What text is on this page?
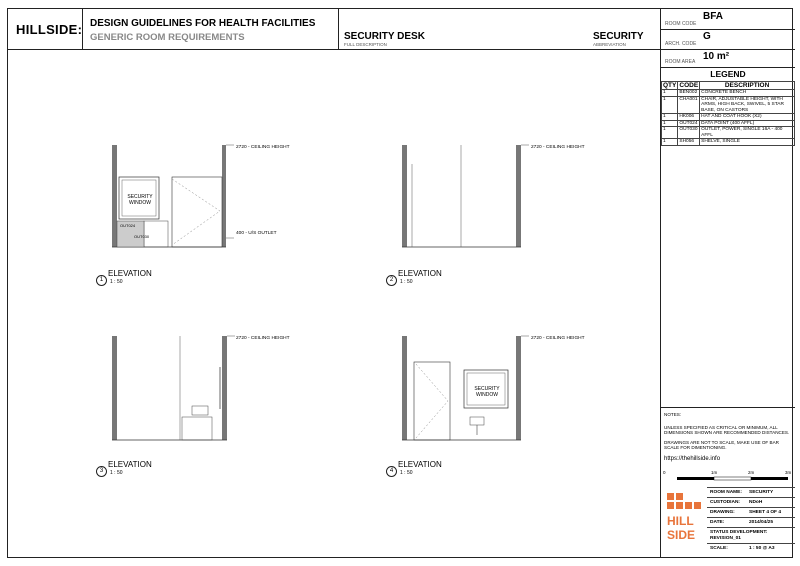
HILLSIDE: DESIGN GUIDELINES FOR HEALTH FACILITIES
GENERIC ROOM REQUIREMENTS	SECURITY DESK
FULL DESCRIPTION
SECURITY
ABBREVIATION
2720 - CEILING HEIGHT
400 - U/S OUTLET
SECURITY WINDOW
OUT024
OUT030
1
ELEVATION
1 : 50
2720 - CEILING HEIGHT
2
ELEVATION
1 : 50
2720 - CEILING HEIGHT
3
ELEVATION
1 : 50
2720 - CEILING HEIGHT
SECURITY WINDOW
4
ELEVATION
1 : 50
ROOM CODE
BFA
ARCH. CODE
G
ROOM AREA 10 m²
LEGEND
QTY	CODE	DESCRIPTION
1	BEN002	CONCRETE BENCH
1	CHA001	CHAIR, ADJUSTABLE HEIGHT, WITH ARMS, HIGH BACK, SWIVEL, 5 STAR BASE, ON CASTORS
1	HK006	HAT AND COAT HOOK (X2)
1	OUT024	DATA POINT (400 AFFL)
1	OUT030	OUTLET, POWER, SINGLE 16A - 400 AFFL
1	SH056	SHELVE, SINGLE

NOTES:

UNLESS SPECIFIED AS CRITICAL OR MINIMUM, ALL DIMENSIONS SHOWN ARE RECOMMENDED DISTANCES.

DRAWINGS ARE NOT TO SCALE, MAKE USE OF BAR SCALE FOR DIMENTIONING.

https://thehillside.info

0	1m	2m	3m
HILL
SIDE
ROOM NAME: SECURITY
CUSTODIAN: NDoH
DRAWING:	SHEET 4 OF 4
DATE:	2014/04/25
STATUS DEVELOPMENT:
REVISION_01
SCALE:	1 : 50 @ A3
